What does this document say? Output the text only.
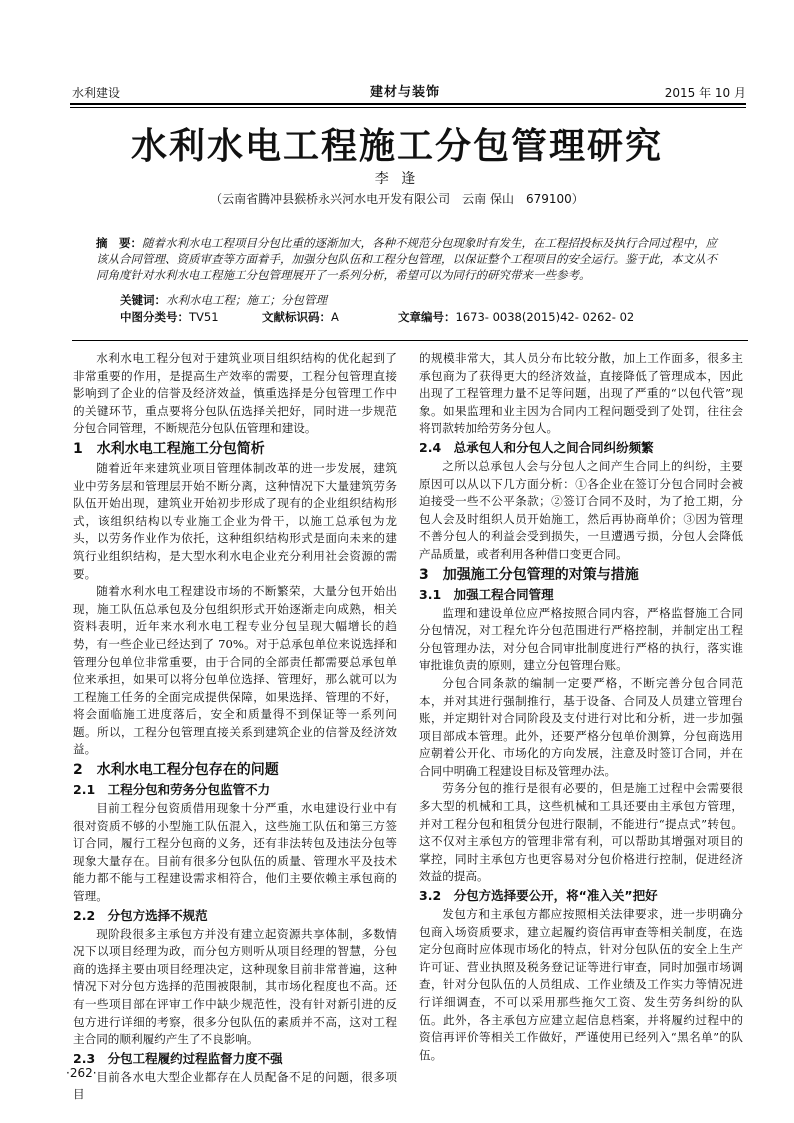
水利建设	建材与装饰	2015 年 10 月
水利水电工程施工分包管理研究
李 逢
（云南省腾冲县猴桥永兴河水电开发有限公司　云南 保山　679100）
摘　要：随着水利水电工程项目分包比重的逐渐加大，各种不规范分包现象时有发生，在工程招投标及执行合同过程中，应该从合同管理、资质审查等方面着手，加强分包队伍和工程分包管理，以保证整个工程项目的安全运行。鉴于此，本文从不同角度针对水利水电工程施工分包管理展开了一系列分析，希望可以为同行的研究带来一些参考。
关键词：水利水电工程；施工；分包管理
中图分类号：TV51	文献标识码：A	文章编号：1673- 0038(2015)42- 0262- 02

水利水电工程分包对于建筑业项目组织结构的优化起到了非常重要的作用，是提高生产效率的需要，工程分包管理直接影响到了企业的信誉及经济效益，慎重选择是分包管理工作中的关键环节，重点要将分包队伍选择关把好，同时进一步规范分包合同管理，不断规范分包队伍管理和建设。

1　水利水电工程施工分包简析

随着近年来建筑业项目管理体制改革的进一步发展，建筑业中劳务层和管理层开始不断分离，这种情况下大量建筑劳务队伍开始出现，建筑业开始初步形成了现有的企业组织结构形式，该组织结构以专业施工企业为骨干，以施工总承包为龙头，以劳务作业作为依托，这种组织结构形式是面向未来的建筑行业组织结构，是大型水利水电企业充分利用社会资源的需要。

随着水利水电工程建设市场的不断繁荣，大量分包开始出现，施工队伍总承包及分包组织形式开始逐渐走向成熟，相关资料表明，近年来水利水电工程专业分包呈现大幅增长的趋势，有一些企业已经达到了 70%。对于总承包单位来说选择和管理分包单位非常重要，由于合同的全部责任都需要总承包单位来承担，如果可以将分包单位选择、管理好，那么就可以为工程施工任务的全面完成提供保障，如果选择、管理的不好，将会面临施工进度落后，安全和质量得不到保证等一系列问题。所以，工程分包管理直接关系到建筑企业的信誉及经济效益。

2　水利水电工程分包存在的问题
2.1　工程分包和劳务分包监管不力

目前工程分包资质借用现象十分严重，水电建设行业中有很对资质不够的小型施工队伍混入，这些施工队伍和第三方签订合同，履行工程分包商的义务，还有非法转包及违法分包等现象大量存在。目前有很多分包队伍的质量、管理水平及技术能力都不能与工程建设需求相符合，他们主要依赖主承包商的管理。

2.2　分包方选择不规范

现阶段很多主承包方并没有建立起资源共享体制，多数情况下以项目经理为政，而分包方则听从项目经理的智慧，分包商的选择主要由项目经理决定，这种现象目前非常普遍，这种情况下对分包方选择的范围被限制，其市场化程度也不高。还有一些项目部在评审工作中缺少规范性，没有针对新引进的反包方进行详细的考察，很多分包队伍的素质并不高，这对工程主合同的顺利履约产生了不良影响。

2.3　分包工程履约过程监督力度不强

目前各水电大型企业都存在人员配备不足的问题，很多项目

的规模非常大，其人员分布比较分散，加上工作面多，很多主承包商为了获得更大的经济效益，直接降低了管理成本，因此出现了工程管理力量不足等问题，出现了严重的“以包代管”现象。如果监理和业主因为合同内工程问题受到了处罚，往往会将罚款转加给劳务分包人。

2.4　总承包人和分包人之间合同纠纷频繁

之所以总承包人会与分包人之间产生合同上的纠纷，主要原因可以从以下几方面分析：①各企业在签订分包合同时会被迫接受一些不公平条款；②签订合同不及时，为了抢工期，分包人会及时组织人员开始施工，然后再协商单价；③因为管理不善分包人的利益会受到损失，一旦遭遇亏损，分包人会降低产品质量，或者利用各种借口变更合同。

3　加强施工分包管理的对策与措施
3.1　加强工程合同管理

监理和建设单位应严格按照合同内容，严格监督施工合同分包情况，对工程允许分包范围进行严格控制，并制定出工程分包管理办法，对分包合同审批制度进行严格的执行，落实谁审批谁负责的原则，建立分包管理台账。

分包合同条款的编制一定要严格，不断完善分包合同范本，并对其进行强制推行，基于设备、合同及人员建立管理台账，并定期针对合同阶段及支付进行对比和分析，进一步加强项目部成本管理。此外，还要严格分包单价测算，分包商选用应朝着公开化、市场化的方向发展，注意及时签订合同，并在合同中明确工程建设目标及管理办法。

劳务分包的推行是很有必要的，但是施工过程中会需要很多大型的机械和工具，这些机械和工具还要由主承包方管理，并对工程分包和租赁分包进行限制，不能进行“提点式”转包。这不仅对主承包方的管理非常有利，可以帮助其增强对项目的掌控，同时主承包方也更容易对分包价格进行控制，促进经济效益的提高。

3.2　分包方选择要公开，将“准入关”把好

发包方和主承包方都应按照相关法律要求，进一步明确分包商入场资质要求，建立起履约资信再审查等相关制度，在选定分包商时应体现市场化的特点，针对分包队伍的安全上生产许可证、营业执照及税务登记证等进行审查，同时加强市场调查，针对分包队伍的人员组成、工作业绩及工作实力等情况进行详细调查，不可以采用那些拖欠工资、发生劳务纠纷的队伍。此外，各主承包方应建立起信息档案，并将履约过程中的资信再评价等相关工作做好，严谨使用已经列入“黑名单”的队伍。

·262·
